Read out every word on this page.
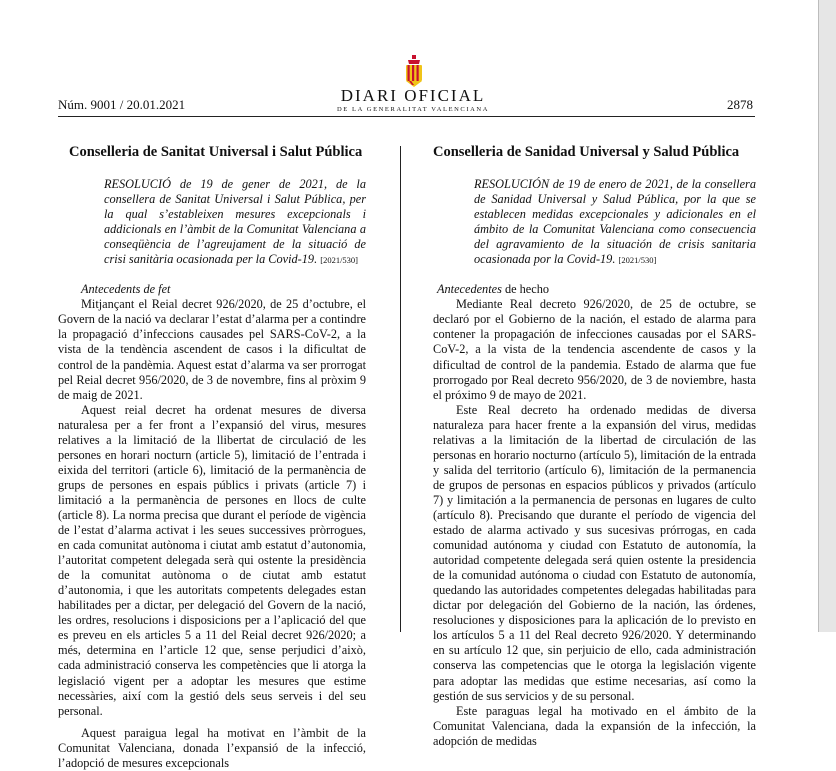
Núm. 9001 / 20.01.2021	2878
DIARI OFICIAL
DE LA GENERALITAT VALENCIANA
Conselleria de Sanitat Universal i Salut Pública
RESOLUCIÓ de 19 de gener de 2021, de la consellera de Sanitat Universal i Salut Pública, per la qual s’estableixen mesures excepcionals i addicionals en l’àmbit de la Comunitat Valenciana a conseqüència de l’agreujament de la situació de crisi sanitària ocasionada per la Covid-19. [2021/530]
Antecedents de fet

Mitjançant el Reial decret 926/2020, de 25 d’octubre, el Govern de la nació va declarar l’estat d’alarma per a contindre la propagació d’infeccions causades pel SARS-CoV-2, a la vista de la tendència ascendent de casos i la dificultat de control de la pandèmia. Aquest estat d’alarma va ser prorrogat pel Reial decret 956/2020, de 3 de novembre, fins al pròxim 9 de maig de 2021.

Aquest reial decret ha ordenat mesures de diversa naturalesa per a fer front a l’expansió del virus, mesures relatives a la limitació de la llibertat de circulació de les persones en horari nocturn (article 5), limitació de l’entrada i eixida del territori (article 6), limitació de la permanència de grups de persones en espais públics i privats (article 7) i limitació a la permanència de persones en llocs de culte (article 8). La norma precisa que durant el període de vigència de l’estat d’alarma activat i les seues successives pròrrogues, en cada comunitat autònoma i ciutat amb estatut d’autonomia, l’autoritat competent delegada serà qui ostente la presidència de la comunitat autònoma o de ciutat amb estatut d’autonomia, i que les autoritats competents delegades estan habilitades per a dictar, per delegació del Govern de la nació, les ordres, resolucions i disposicions per a l’aplicació del que es preveu en els articles 5 a 11 del Reial decret 926/2020; a més, determina en l’article 12 que, sense perjudici d’això, cada administració conserva les competències que li atorga la legislació vigent per a adoptar les mesures que estime necessàries, així com la gestió dels seus serveis i del seu personal.

Aquest paraigua legal ha motivat en l’àmbit de la Comunitat Valenciana, donada l’expansió de la infecció, l’adopció de mesures excepcionals

Conselleria de Sanidad Universal y Salud Pública
RESOLUCIÓN de 19 de enero de 2021, de la consellera de Sanidad Universal y Salud Pública, por la que se establecen medidas excepcionales y adicionales en el ámbito de la Comunitat Valenciana como consecuencia del agravamiento de la situación de crisis sanitaria ocasionada por la Covid-19. [2021/530]
Antecedentes de hecho

Mediante Real decreto 926/2020, de 25 de octubre, se declaró por el Gobierno de la nación, el estado de alarma para contener la propagación de infecciones causadas por el SARS-CoV-2, a la vista de la tendencia ascendente de casos y la dificultad de control de la pandemia. Estado de alarma que fue prorrogado por Real decreto 956/2020, de 3 de noviembre, hasta el próximo 9 de mayo de 2021.

Este Real decreto ha ordenado medidas de diversa naturaleza para hacer frente a la expansión del virus, medidas relativas a la limitación de la libertad de circulación de las personas en horario nocturno (artículo 5), limitación de la entrada y salida del territorio (artículo 6), limitación de la permanencia de grupos de personas en espacios públicos y privados (artículo 7) y limitación a la permanencia de personas en lugares de culto (artículo 8). Precisando que durante el período de vigencia del estado de alarma activado y sus sucesivas prórrogas, en cada comunidad autónoma y ciudad con Estatuto de autonomía, la autoridad competente delegada será quien ostente la presidencia de la comunidad autónoma o ciudad con Estatuto de autonomía, quedando las autoridades competentes delegadas habilitadas para dictar por delegación del Gobierno de la nación, las órdenes, resoluciones y disposiciones para la aplicación de lo previsto en los artículos 5 a 11 del Real decreto 926/2020. Y determinando en su artículo 12 que, sin perjuicio de ello, cada administración conserva las competencias que le otorga la legislación vigente para adoptar las medidas que estime necesarias, así como la gestión de sus servicios y de su personal.

Este paraguas legal ha motivado en el ámbito de la Comunitat Valenciana, dada la expansión de la infección, la adopción de medidas
